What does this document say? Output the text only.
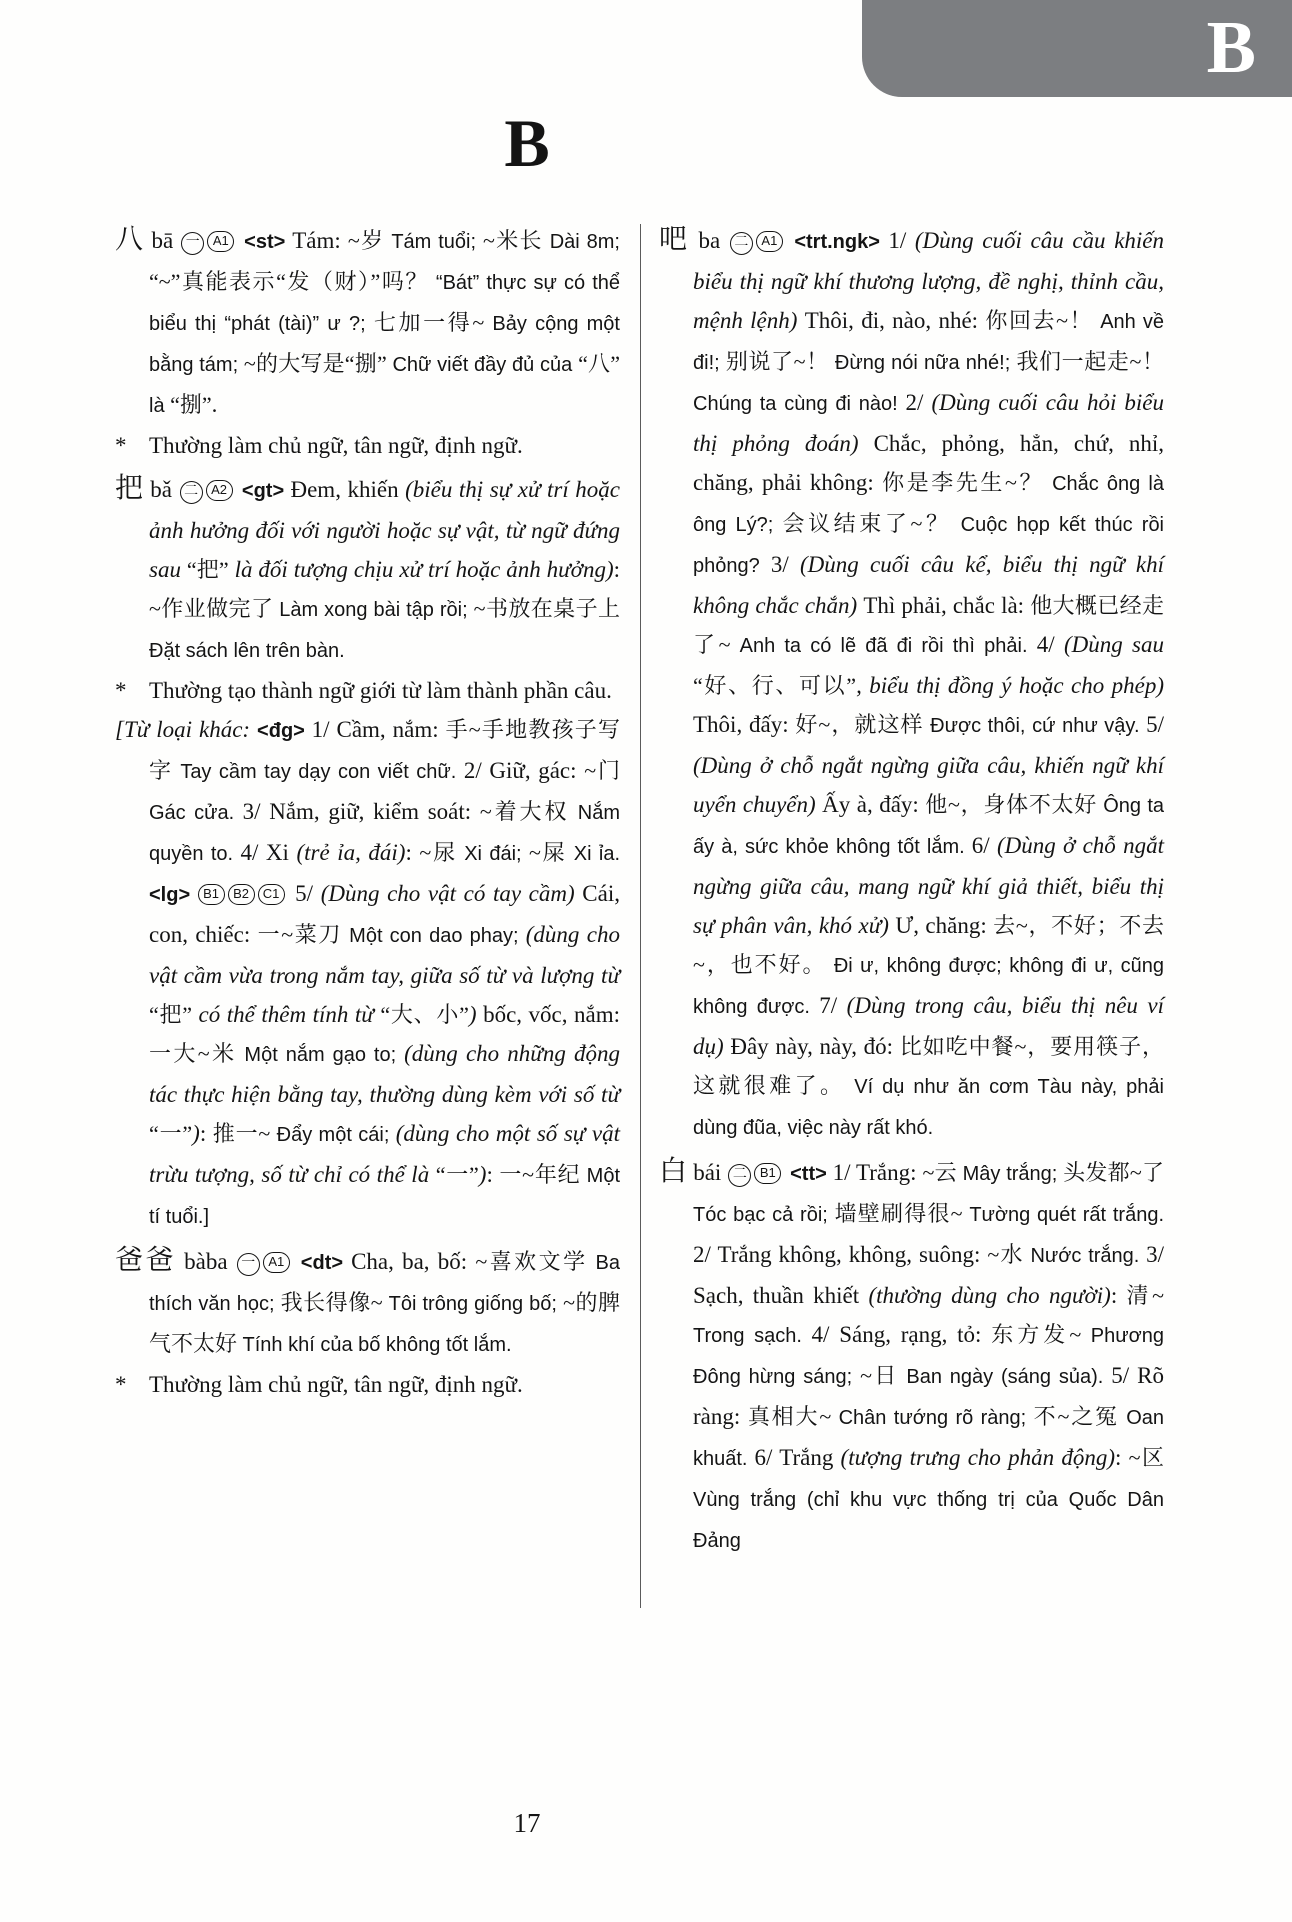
B
B
八 bā 一 A1 <st> Tám: ~岁 Tám tuổi; ~米长 Dài 8m; “~”真能表示“发（财）”吗？ “Bát” thực sự có thể biểu thị “phát (tài)” ư ?; 七加一得~ Bảy cộng một bằng tám; ~的大写是“捌” Chữ viết đầy đủ của “八” là “捌”.
* Thường làm chủ ngữ, tân ngữ, định ngữ.
把 bǎ 二 A2 <gt> Đem, khiến (biểu thị sự xử trí hoặc ảnh hưởng đối với người hoặc sự vật, từ ngữ đứng sau “把” là đối tượng chịu xử trí hoặc ảnh hưởng): ~作业做完了 Làm xong bài tập rồi; ~书放在桌子上 Đặt sách lên trên bàn.
* Thường tạo thành ngữ giới từ làm thành phần câu.
[Từ loại khác: <đg> 1/ Cầm, nắm: 手~手地教孩子写字 Tay cầm tay dạy con viết chữ. 2/ Giữ, gác: ~门 Gác cửa. 3/ Nắm, giữ, kiểm soát: ~着大权 Nắm quyền to. 4/ Xi (trẻ ỉa, đái): ~尿 Xi đái; ~屎 Xi ỉa. <lg> B1 B2 C1 5/ (Dùng cho vật có tay cầm) Cái, con, chiếc: 一~菜刀 Một con dao phay; (dùng cho vật cầm vừa trong nắm tay, giữa số từ và lượng từ “把” có thể thêm tính từ “大、小”) bốc, vốc, nắm: 一大~米 Một nắm gạo to; (dùng cho những động tác thực hiện bằng tay, thường dùng kèm với số từ “一”): 推一~ Đẩy một cái; (dùng cho một số sự vật trừu tượng, số từ chỉ có thể là “一”): 一~年纪 Một tí tuổi.]
爸爸 bàba 一 A1 <dt> Cha, ba, bố: ~喜欢文学 Ba thích văn học; 我长得像~ Tôi trông giống bố; ~的脾气不太好 Tính khí của bố không tốt lắm.
* Thường làm chủ ngữ, tân ngữ, định ngữ.
吧 ba 二 A1 <trt.ngk> 1/ (Dùng cuối câu cầu khiến biểu thị ngữ khí thương lượng, đề nghị, thỉnh cầu, mệnh lệnh) Thôi, đi, nào, nhé: 你回去~！ Anh về đi!; 别说了~！ Đừng nói nữa nhé!; 我们一起走~！ Chúng ta cùng đi nào! 2/ (Dùng cuối câu hỏi biểu thị phỏng đoán) Chắc, phỏng, hẳn, chứ, nhỉ, chăng, phải không: 你是李先生~？ Chắc ông là ông Lý?; 会议结束了~？ Cuộc họp kết thúc rồi phỏng? 3/ (Dùng cuối câu kể, biểu thị ngữ khí không chắc chắn) Thì phải, chắc là: 他大概已经走了~ Anh ta có lẽ đã đi rồi thì phải. 4/ (Dùng sau “好、行、可以”, biểu thị đồng ý hoặc cho phép) Thôi, đấy: 好~，就这样 Được thôi, cứ như vậy. 5/ (Dùng ở chỗ ngắt ngừng giữa câu, khiến ngữ khí uyển chuyển) Ấy à, đấy: 他~，身体不太好 Ông ta ấy à, sức khỏe không tốt lắm. 6/ (Dùng ở chỗ ngắt ngừng giữa câu, mang ngữ khí giả thiết, biểu thị sự phân vân, khó xử) Ư, chăng: 去~，不好；不去~，也不好。 Đi ư, không được; không đi ư, cũng không được. 7/ (Dùng trong câu, biểu thị nêu ví dụ) Đây này, này, đó: 比如吃中餐~，要用筷子，这就很难了。 Ví dụ như ăn cơm Tàu này, phải dùng đũa, việc này rất khó.
白 bái 二 B1 <tt> 1/ Trắng: ~云 Mây trắng; 头发都~了 Tóc bạc cả rồi; 墙壁刷得很~ Tường quét rất trắng. 2/ Trắng không, không, suông: ~水 Nước trắng. 3/ Sạch, thuần khiết (thường dùng cho người): 清~ Trong sạch. 4/ Sáng, rạng, tỏ: 东方发~ Phương Đông hừng sáng; ~日 Ban ngày (sáng sủa). 5/ Rõ ràng: 真相大~ Chân tướng rõ ràng; 不~之冤 Oan khuất. 6/ Trắng (tượng trưng cho phản động): ~区 Vùng trắng (chỉ khu vực thống trị của Quốc Dân Đảng
17
